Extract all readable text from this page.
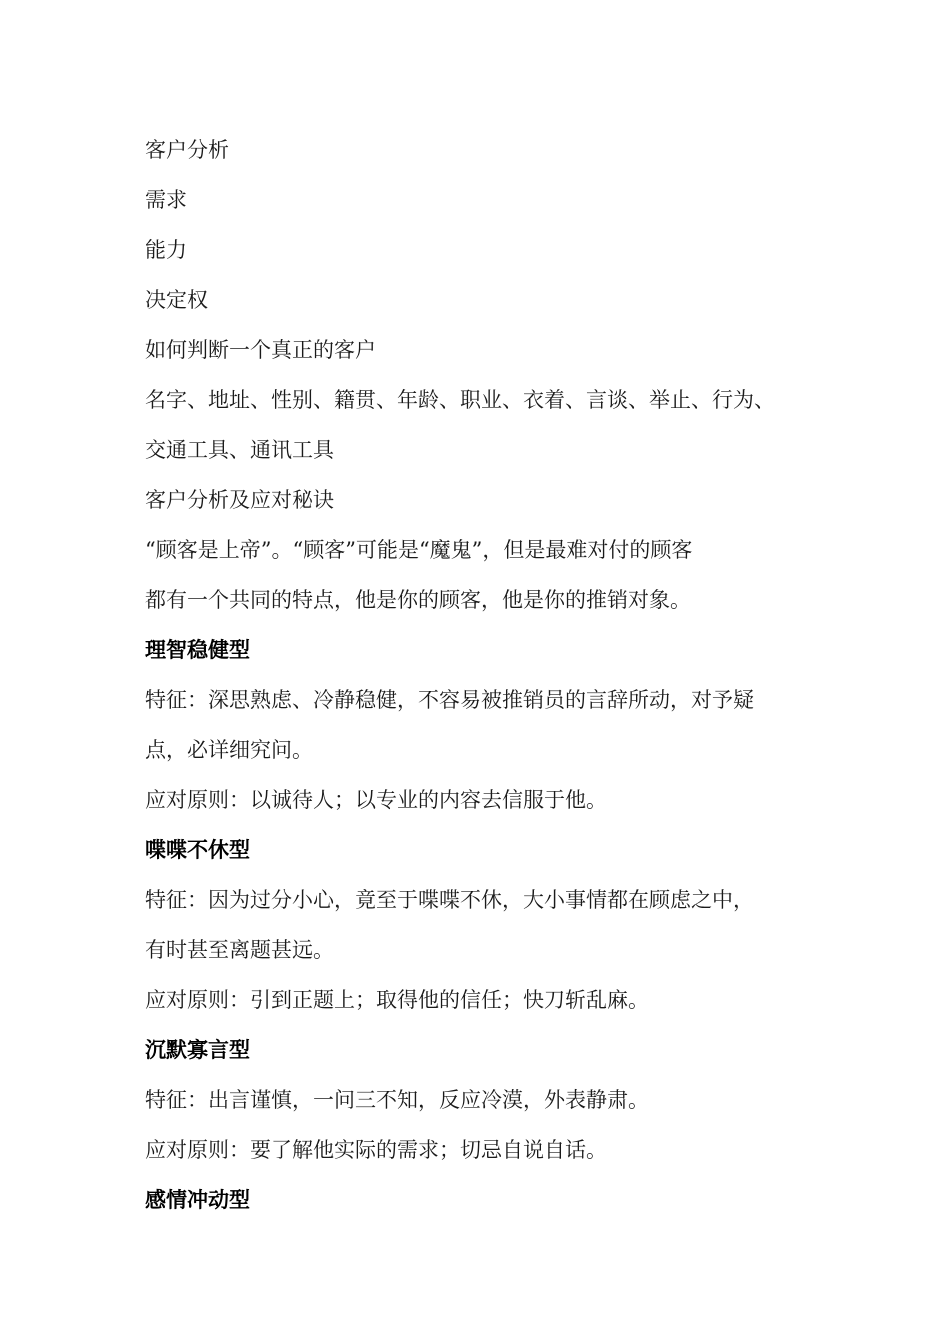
客户分析
需求
能力
决定权
如何判断一个真正的客户
名字、地址、性别、籍贯、年龄、职业、衣着、言谈、举止、行为、
交通工具、通讯工具
客户分析及应对秘诀
“顾客是上帝”。“顾客”可能是“魔鬼”，但是最难对付的顾客
都有一个共同的特点，他是你的顾客，他是你的推销对象。
理智稳健型
特征：深思熟虑、冷静稳健，不容易被推销员的言辞所动，对予疑
点，必详细究问。
应对原则：以诚待人；以专业的内容去信服于他。
喋喋不休型
特征：因为过分小心，竟至于喋喋不休，大小事情都在顾虑之中，
有时甚至离题甚远。
应对原则：引到正题上；取得他的信任；快刀斩乱麻。
沉默寡言型
特征：出言谨慎，一问三不知，反应冷漠，外表静肃。
应对原则：要了解他实际的需求；切忌自说自话。
感情冲动型
